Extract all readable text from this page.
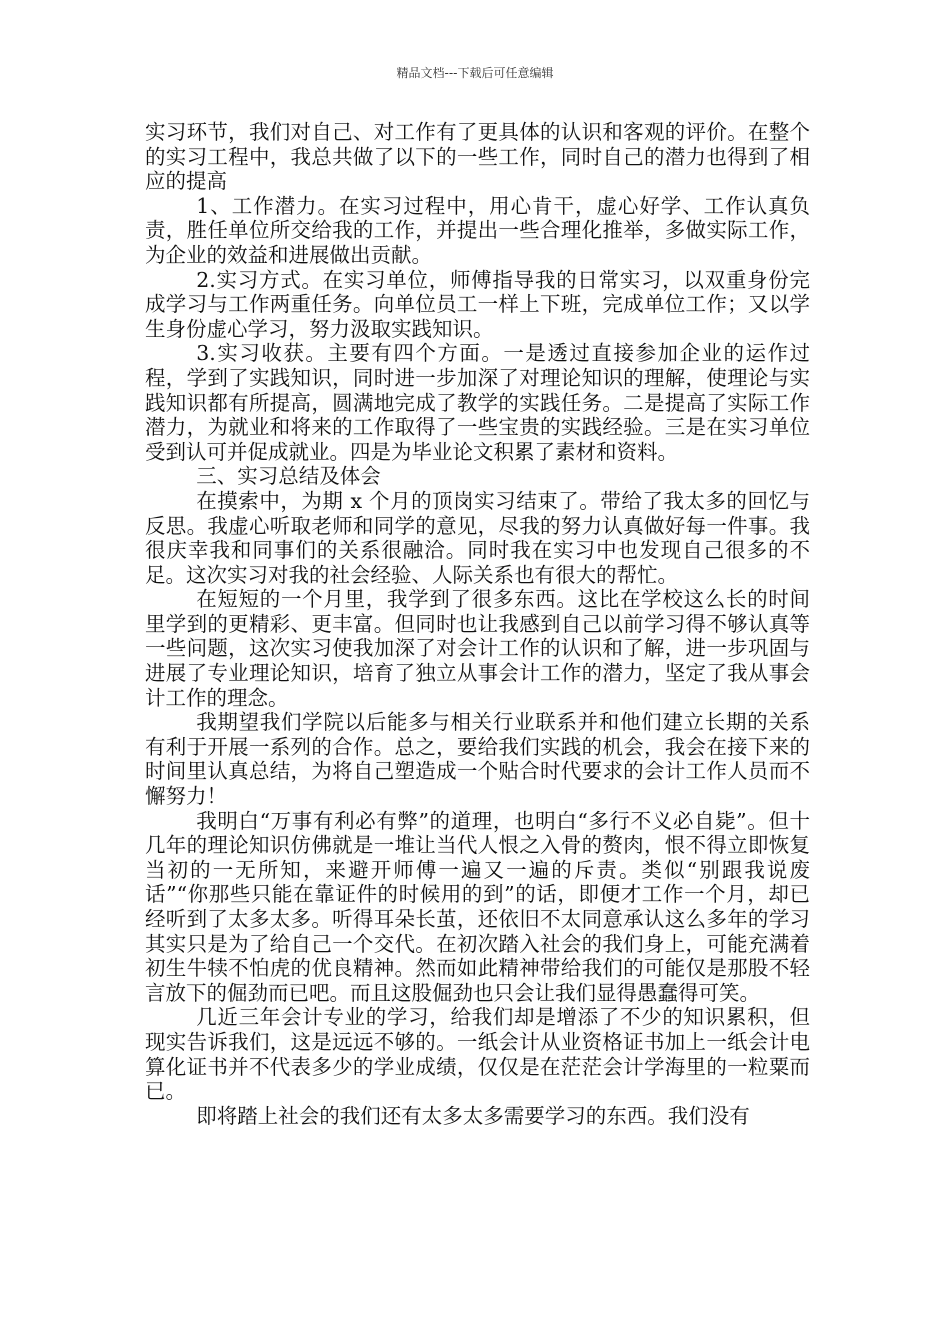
精品文档---下载后可任意编辑

实习环节，我们对自己、对工作有了更具体的认识和客观的评价。在整个的实习工程中，我总共做了以下的一些工作，同时自己的潜力也得到了相应的提高

1、工作潜力。在实习过程中，用心肯干，虚心好学、工作认真负责，胜任单位所交给我的工作，并提出一些合理化推举，多做实际工作，为企业的效益和进展做出贡献。

2.实习方式。在实习单位，师傅指导我的日常实习，以双重身份完成学习与工作两重任务。向单位员工一样上下班，完成单位工作；又以学生身份虚心学习，努力汲取实践知识。

3.实习收获。主要有四个方面。一是透过直接参加企业的运作过程，学到了实践知识，同时进一步加深了对理论知识的理解，使理论与实践知识都有所提高，圆满地完成了教学的实践任务。二是提高了实际工作潜力，为就业和将来的工作取得了一些宝贵的实践经验。三是在实习单位受到认可并促成就业。四是为毕业论文积累了素材和资料。

三、实习总结及体会

在摸索中，为期 x 个月的顶岗实习结束了。带给了我太多的回忆与反思。我虚心听取老师和同学的意见，尽我的努力认真做好每一件事。我很庆幸我和同事们的关系很融洽。同时我在实习中也发现自己很多的不足。这次实习对我的社会经验、人际关系也有很大的帮忙。

在短短的一个月里，我学到了很多东西。这比在学校这么长的时间里学到的更精彩、更丰富。但同时也让我感到自己以前学习得不够认真等一些问题，这次实习使我加深了对会计工作的认识和了解，进一步巩固与进展了专业理论知识，培育了独立从事会计工作的潜力，坚定了我从事会计工作的理念。

我期望我们学院以后能多与相关行业联系并和他们建立长期的关系有利于开展一系列的合作。总之，要给我们实践的机会，我会在接下来的时间里认真总结，为将自己塑造成一个贴合时代要求的会计工作人员而不懈努力！

我明白“万事有利必有弊”的道理，也明白“多行不义必自毙”。但十几年的理论知识仿佛就是一堆让当代人恨之入骨的赘肉，恨不得立即恢复当初的一无所知，来避开师傅一遍又一遍的斥责。类似“别跟我说废话”“你那些只能在靠证件的时候用的到”的话，即便才工作一个月，却已经听到了太多太多。听得耳朵长茧，还依旧不太同意承认这么多年的学习其实只是为了给自己一个交代。在初次踏入社会的我们身上，可能充满着初生牛犊不怕虎的优良精神。然而如此精神带给我们的可能仅是那股不轻言放下的倔劲而已吧。而且这股倔劲也只会让我们显得愚蠢得可笑。

几近三年会计专业的学习，给我们却是增添了不少的知识累积，但现实告诉我们，这是远远不够的。一纸会计从业资格证书加上一纸会计电算化证书并不代表多少的学业成绩，仅仅是在茫茫会计学海里的一粒粟而已。

即将踏上社会的我们还有太多太多需要学习的东西。我们没有
